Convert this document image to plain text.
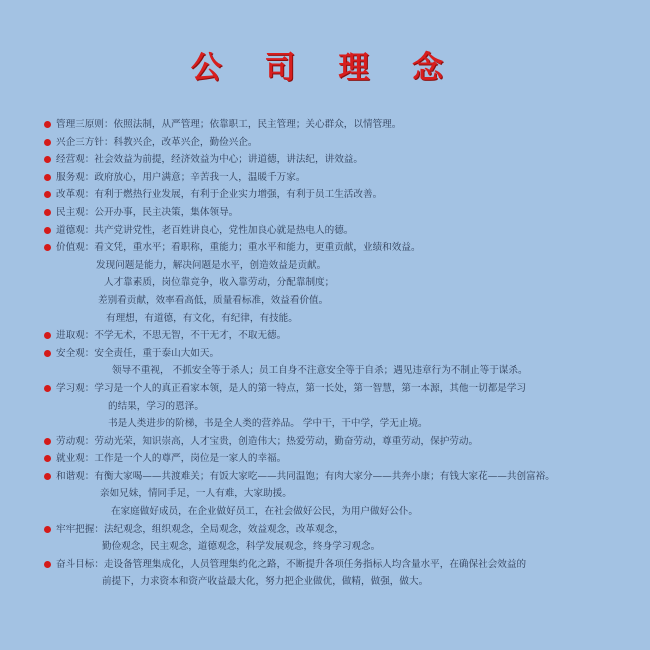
公 司 理 念
管理三原则：依照法制，从严管理；依靠职工，民主管理；关心群众，以情管理。
兴企三方针：科教兴企，改革兴企，勤俭兴企。
经营观：社会效益为前提，经济效益为中心；讲道德，讲法纪，讲效益。
服务观：政府放心，用户满意；辛苦我一人，温暖千万家。
改革观：有利于燃热行业发展，有利于企业实力增强，有利于员工生活改善。
民主观：公开办事，民主决策，集体领导。
道德观：共产党讲党性，老百姓讲良心，党性加良心就是热电人的德。
价值观：看文凭，重水平；看职称，重能力；重水平和能力，更重贡献，业绩和效益。
发现问题是能力，解决问题是水平，创造效益是贡献。
人才靠素质，岗位靠竞争，收入靠劳动，分配靠制度；
差别看贡献，效率看高低，质量看标准，效益看价值。
有理想，有道德，有文化，有纪律，有技能。
进取观：不学无术，不思无智，不干无才，不取无德。
安全观：安全责任，重于泰山大如天。
领导不重视， 不抓安全等于杀人；员工自身不注意安全等于自杀；遇见违章行为不制止等于谋杀。
学习观：学习是一个人的真正看家本领，是人的第一特点，第一长处，第一智慧，第一本源，其他一切都是学习
的结果，学习的恩泽。
书是人类进步的阶梯，书是全人类的营养品。 学中干，干中学，学无止境。
劳动观：劳动光荣，知识崇高，人才宝贵，创造伟大；热爱劳动，勤奋劳动，尊重劳动，保护劳动。
就业观：工作是一个人的尊严，岗位是一家人的幸福。
和谐观：有衡大家喝——共渡难关；有饭大家吃——共同温饱；有肉大家分——共奔小康；有钱大家花——共创富裕。
亲如兄妹，情同手足，一人有难，大家助援。
在家庭做好成员，在企业做好员工，在社会做好公民，为用户做好公仆。
牢牢把握：法纪观念，组织观念，全局观念，效益观念，改革观念，
勤俭观念，民主观念，道德观念，科学发展观念，终身学习观念。
奋斗目标：走设备管理集成化，人员管理集约化之路，不断提升各项任务指标人均含量水平，在确保社会效益的
前提下，力求资本和资产收益最大化，努力把企业做优，做精，做强，做大。
